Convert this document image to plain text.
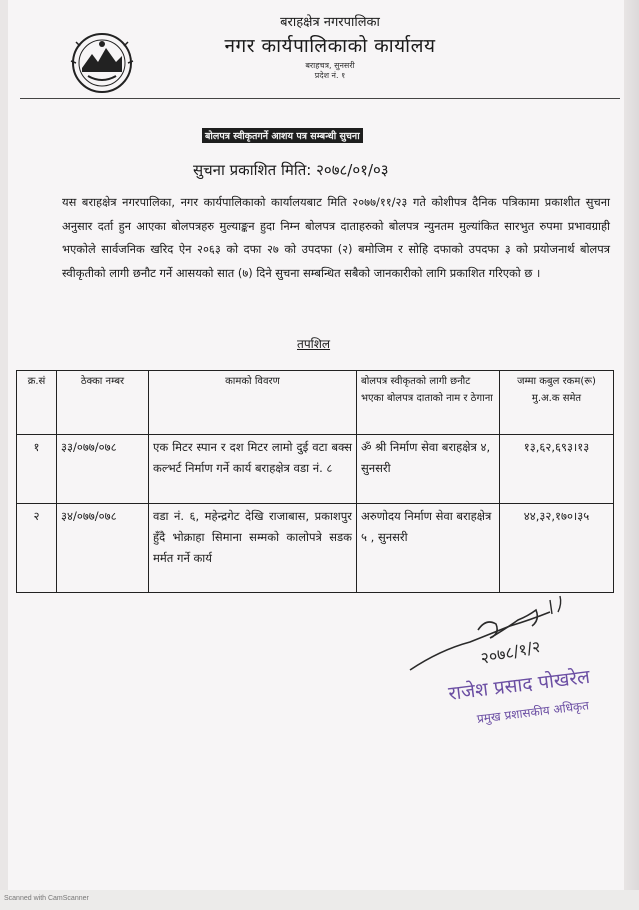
Scanned with CamScanner
बराहक्षेत्र नगरपालिका
नगर कार्यपालिकाको कार्यालय
बराहचत्र, सुनसरी
प्रदेश नं. १
बोलपत्र स्वीकृतगर्ने आशय पत्र सम्बन्धी सुचना
सुचना प्रकाशित मिति: २०७८/०१/०३
यस बराहक्षेत्र नगरपालिका, नगर कार्यपालिकाको कार्यालयबाट मिति २०७७/११/२३ गते कोशीपत्र दैनिक पत्रिकामा प्रकाशीत सुचना अनुसार दर्ता हुन आएका बोलपत्रहरु मुल्याङ्कन हुदा निम्न बोलपत्र दाताहरुको बोलपत्र न्युनतम मुल्यांकित सारभुत रुपमा प्रभावग्राही भएकोले सार्वजनिक खरिद ऐन २०६३ को दफा २७ को उपदफा (२) बमोजिम र सोहि दफाको उपदफा ३ को प्रयोजनार्थ बोलपत्र स्वीकृतीको लागी छनौट गर्ने आसयको सात (७) दिने सुचना सम्बन्धित सबैको जानकारीको लागि प्रकाशित गरिएको छ ।
तपशिल
क्र.सं	ठेक्का नम्बर	कामको विवरण	बोलपत्र स्वीकृतको लागी छनौट भएका बोलपत्र दाताको नाम र ठेगाना	जम्मा कबुल रकम(रू) मु.अ.क समेत
१	३३/०७७/०७८	एक मिटर स्पान र दश मिटर लामो दुई वटा बक्स कल्भर्ट निर्माण गर्ने कार्य बराहक्षेत्र वडा नं. ८	ॐ श्री निर्माण सेवा बराहक्षेत्र ४, सुनसरी	१३,६२,६९३।१३
२	३४/०७७/०७८	वडा नं. ६, महेन्द्रगेट देखि राजाबास, प्रकाशपुर हुँदै भोक्राहा सिमाना सम्मको कालोपत्रे सडक मर्मत गर्ने कार्य	अरुणोदय निर्माण सेवा बराहक्षेत्र ५ , सुनसरी	४४,३२,१७०।३५
२०७८/१/२
राजेश प्रसाद पोखरेल
प्रमुख प्रशासकीय अधिकृत
